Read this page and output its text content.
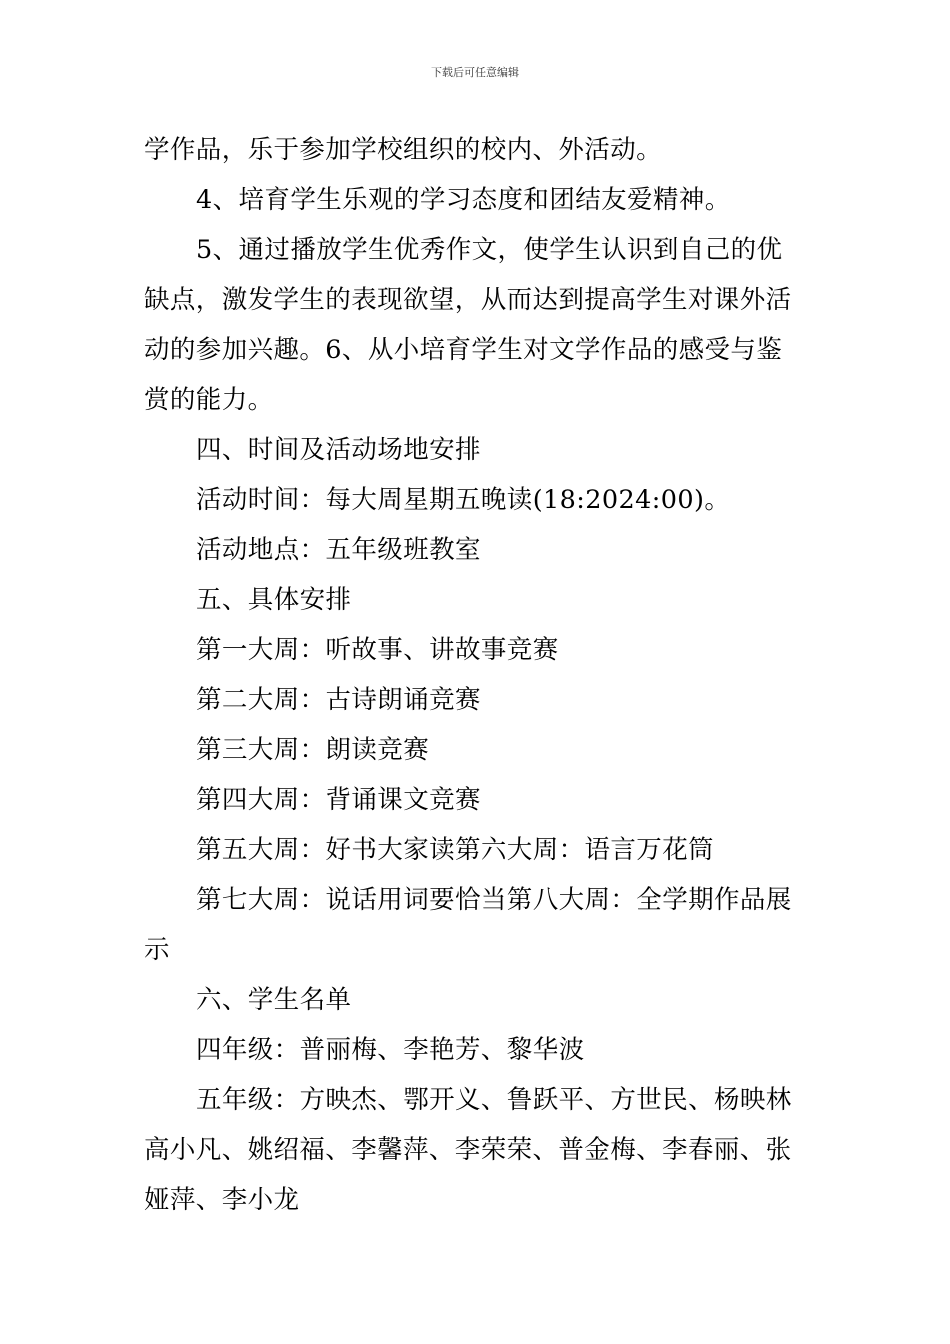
下载后可任意编辑

学作品，乐于参加学校组织的校内、外活动。

4、培育学生乐观的学习态度和团结友爱精神。

5、通过播放学生优秀作文，使学生认识到自己的优缺点，激发学生的表现欲望，从而达到提高学生对课外活动的参加兴趣。6、从小培育学生对文学作品的感受与鉴赏的能力。

四、时间及活动场地安排

活动时间：每大周星期五晚读(18:2024:00)。

活动地点：五年级班教室

五、具体安排

第一大周：听故事、讲故事竞赛

第二大周：古诗朗诵竞赛

第三大周：朗读竞赛

第四大周：背诵课文竞赛

第五大周：好书大家读第六大周：语言万花筒

第七大周：说话用词要恰当第八大周：全学期作品展示

六、学生名单

四年级：普丽梅、李艳芳、黎华波

五年级：方映杰、鄂开义、鲁跃平、方世民、杨映林高小凡、姚绍福、李馨萍、李荣荣、普金梅、李春丽、张娅萍、李小龙
